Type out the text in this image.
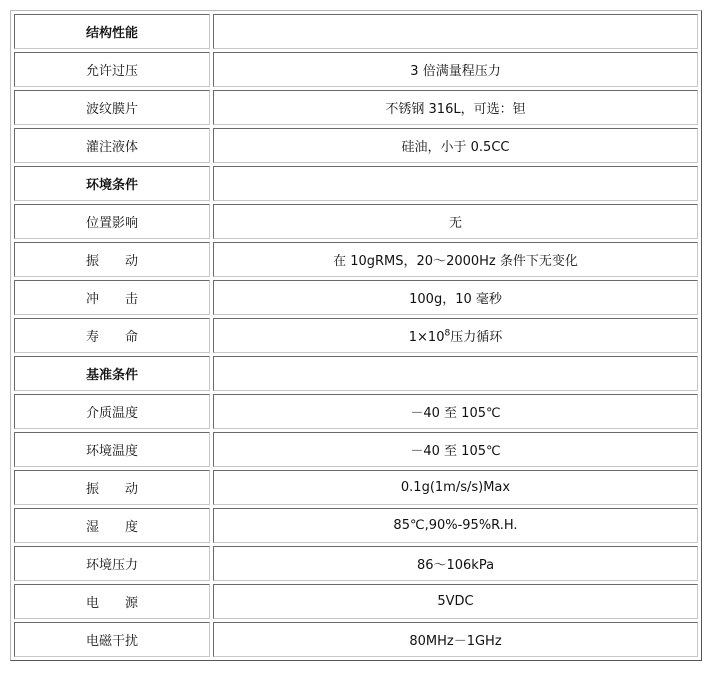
结构性能	
允许过压	3 倍满量程压力
波纹膜片	不锈钢 316L，可选：钽
灌注液体	硅油，小于 0.5CC
环境条件	
位置影响	无
振　　动	在 10gRMS，20～2000Hz 条件下无变化
冲　　击	100g，10 毫秒
寿　　命	$1\times 10^8$压力循环
基准条件	
介质温度	－40 至 105℃
环境温度	－40 至 105℃
振　　动	0.1g(1m/s/s)Max
湿　　度	85℃,90%-95%R.H.
环境压力	86～106kPa
电　　源	5VDC
电磁干扰	80MHz－1GHz
